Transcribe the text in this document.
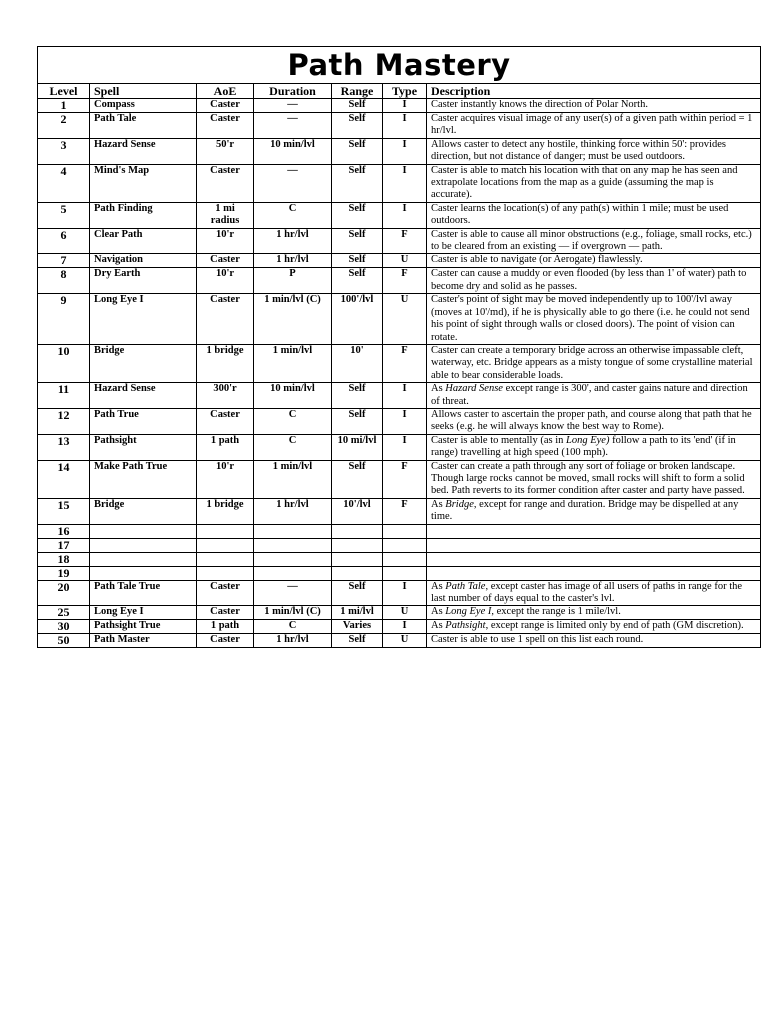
Path Mastery						
Level	Spell	AoE	Duration	Range	Type	Description
1	Compass	Caster	—	Self	I	Caster instantly knows the direction of Polar North.
2	Path Tale	Caster	—	Self	I	Caster acquires visual image of any user(s) of a given path within period = 1 hr/lvl.
3	Hazard Sense	50'r	10 min/lvl	Self	I	Allows caster to detect any hostile, thinking force within 50': provides direction, but not distance of danger; must be used outdoors.
4	Mind's Map	Caster	—	Self	I	Caster is able to match his location with that on any map he has seen and extrapolate locations from the map as a guide (assuming the map is accurate).
5	Path Finding	1 mi radius	C	Self	I	Caster learns the location(s) of any path(s) within 1 mile; must be used outdoors.
6	Clear Path	10'r	1 hr/lvl	Self	F	Caster is able to cause all minor obstructions (e.g., foliage, small rocks, etc.) to be cleared from an existing — if overgrown — path.
7	Navigation	Caster	1 hr/lvl	Self	U	Caster is able to navigate (or Aerogate) flawlessly.
8	Dry Earth	10'r	P	Self	F	Caster can cause a muddy or even flooded (by less than 1' of water) path to become dry and solid as he passes.
9	Long Eye I	Caster	1 min/lvl (C)	100'/lvl	U	Caster's point of sight may be moved independently up to 100'/lvl away (moves at 10'/md), if he is physically able to go there (i.e. he could not send his point of sight through walls or closed doors). The point of vision can rotate.
10	Bridge	1 bridge	1 min/lvl	10'	F	Caster can create a temporary bridge across an otherwise impassable cleft, waterway, etc. Bridge appears as a misty tongue of some crystalline material able to bear considerable loads.
11	Hazard Sense	300'r	10 min/lvl	Self	I	As Hazard Sense except range is 300', and caster gains nature and direction of threat.
12	Path True	Caster	C	Self	I	Allows caster to ascertain the proper path, and course along that path that he seeks (e.g. he will always know the best way to Rome).
13	Pathsight	1 path	C	10 mi/lvl	I	Caster is able to mentally (as in Long Eye) follow a path to its 'end' (if in range) travelling at high speed (100 mph).
14	Make Path True	10'r	1 min/lvl	Self	F	Caster can create a path through any sort of foliage or broken landscape. Though large rocks cannot be moved, small rocks will shift to form a solid bed. Path reverts to its former condition after caster and party have passed.
15	Bridge	1 bridge	1 hr/lvl	10'/lvl	F	As Bridge, except for range and duration. Bridge may be dispelled at any time.
16						
17						
18						
19						
20	Path Tale True	Caster	—	Self	I	As Path Tale, except caster has image of all users of paths in range for the last number of days equal to the caster's lvl.
25	Long Eye I	Caster	1 min/lvl (C)	1 mi/lvl	U	As Long Eye I, except the range is 1 mile/lvl.
30	Pathsight True	1 path	C	Varies	I	As Pathsight, except range is limited only by end of path (GM discretion).
50	Path Master	Caster	1 hr/lvl	Self	U	Caster is able to use 1 spell on this list each round.
